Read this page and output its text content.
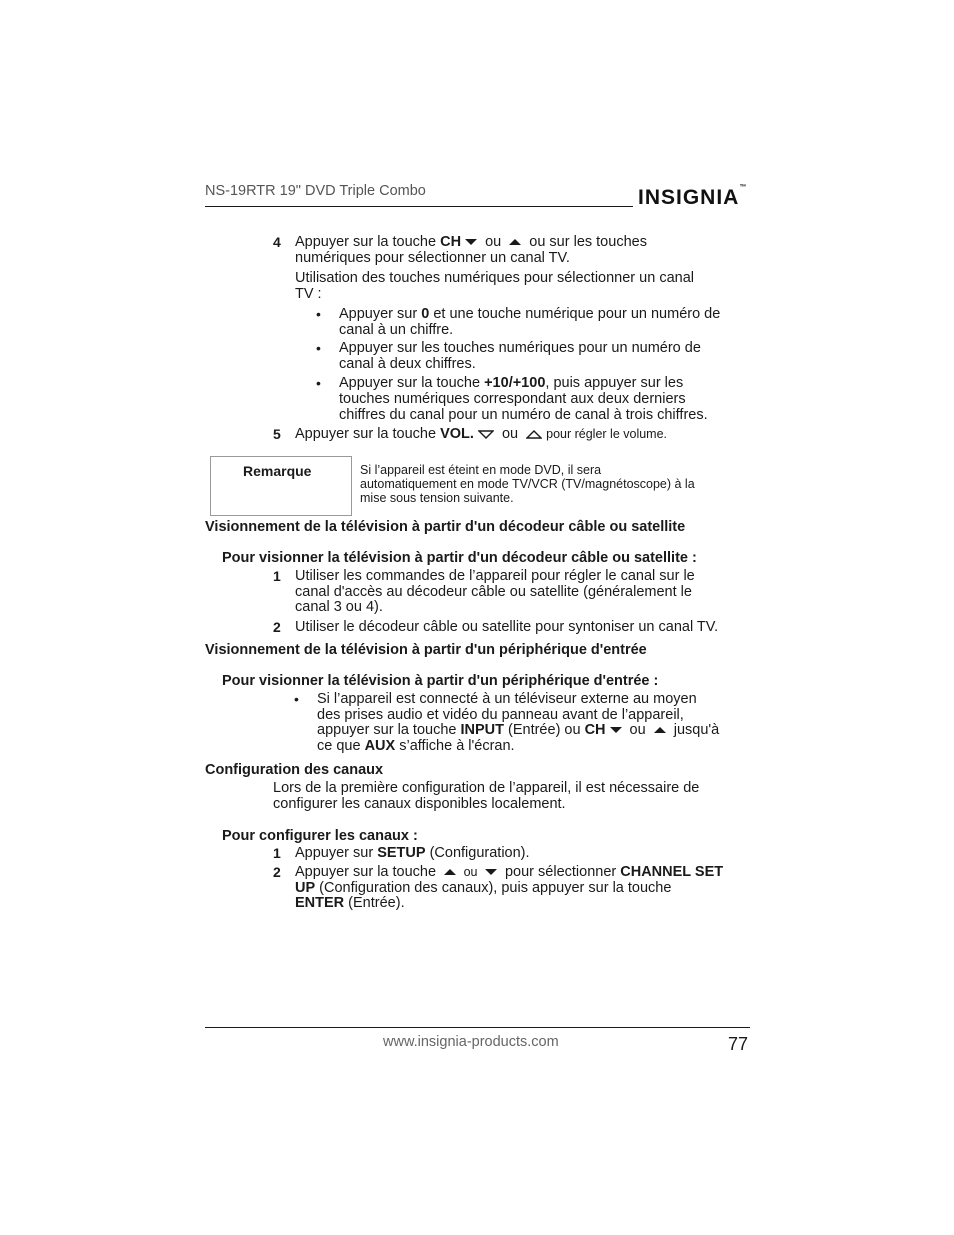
NS-19RTR 19" DVD Triple Combo	INSIGNIA™
4 Appuyer sur la touche CH ou  ou sur les touches
numériques pour sélectionner un canal TV.
Utilisation des touches numériques pour sélectionner un canal
TV :
• Appuyer sur 0 et une touche numérique pour un numéro de
canal à un chiffre.
• Appuyer sur les touches numériques pour un numéro de
canal à deux chiffres.
• Appuyer sur la touche +10/+100, puis appuyer sur les
touches numériques correspondant aux deux derniers
chiffres du canal pour un numéro de canal à trois chiffres.
5 Appuyer sur la touche VOL. ou pour régler le volume.
Remarque	Si l’appareil est éteint en mode DVD, il sera
automatiquement en mode TV/VCR (TV/magnétoscope) à la
mise sous tension suivante.
Visionnement de la télévision à partir d'un décodeur câble ou satellite
Pour visionner la télévision à partir d'un décodeur câble ou satellite :
1 Utiliser les commandes de l’appareil pour régler le canal sur le
canal d'accès au décodeur câble ou satellite (généralement le
canal 3 ou 4).
2 Utiliser le décodeur câble ou satellite pour syntoniser un canal TV.
Visionnement de la télévision à partir d'un périphérique d'entrée
Pour visionner la télévision à partir d'un périphérique d'entrée :
• Si l’appareil est connecté à un téléviseur externe au moyen
des prises audio et vidéo du panneau avant de l’appareil,
appuyer sur la touche INPUT (Entrée) ou CH ou  jusqu'à
ce que AUX s’affiche à l'écran.
Configuration des canaux
Lors de la première configuration de l’appareil, il est nécessaire de
configurer les canaux disponibles localement.
Pour configurer les canaux :
1 Appuyer sur SETUP (Configuration).
2 Appuyer sur la touche  ou  pour sélectionner CHANNEL SET
UP (Configuration des canaux), puis appuyer sur la touche
ENTER (Entrée).
www.insignia-products.com	77
